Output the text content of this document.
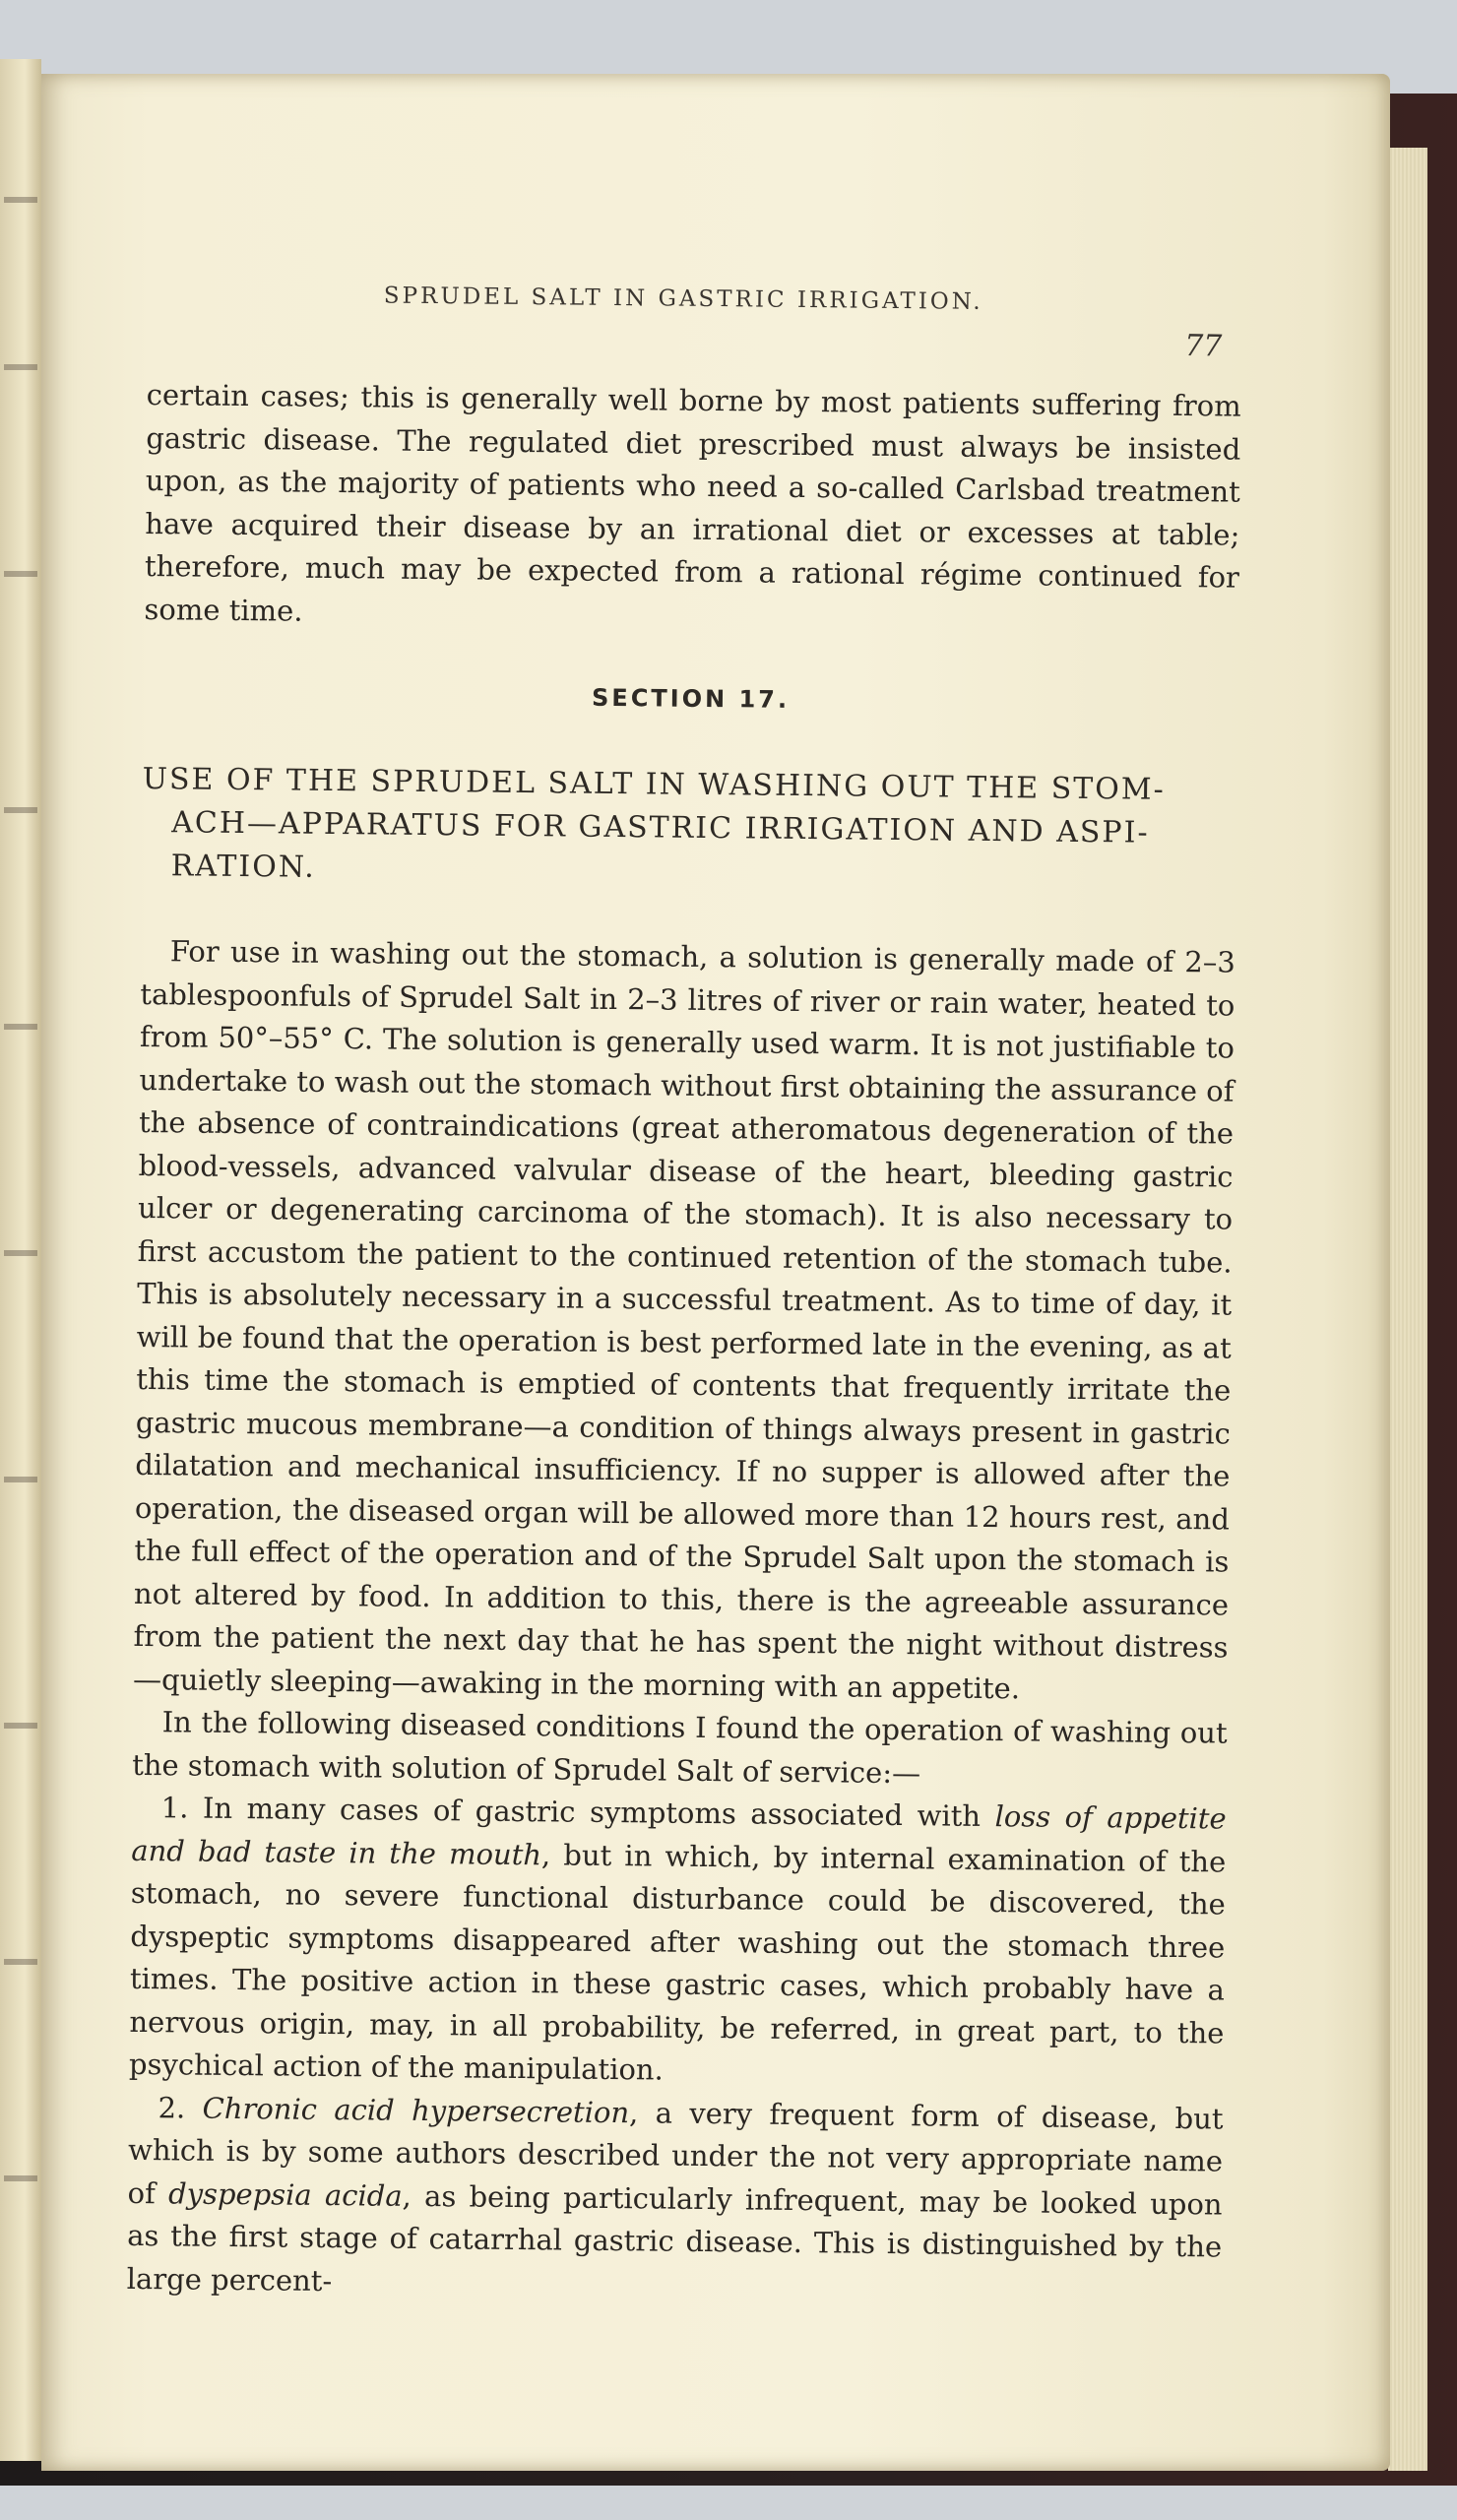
SPRUDEL SALT IN GASTRIC IRRIGATION.
77

certain cases; this is generally well borne by most patients suffering from gastric disease. The regulated diet prescribed must always be insisted upon, as the majority of patients who need a so-called Carlsbad treatment have acquired their disease by an irrational diet or excesses at table; therefore, much may be expected from a rational régime continued for some time.

SECTION 17.
USE OF THE SPRUDEL SALT IN WASHING OUT THE STOM-
ACH—APPARATUS FOR GASTRIC IRRIGATION AND ASPI-
RATION.

For use in washing out the stomach, a solution is generally made of 2–3 tablespoonfuls of Sprudel Salt in 2–3 litres of river or rain water, heated to from 50°–55° C. The solution is generally used warm. It is not justifiable to undertake to wash out the stomach without first obtaining the assurance of the absence of contraindications (great atheromatous degeneration of the blood-vessels, advanced valvular disease of the heart, bleeding gastric ulcer or degenerating carcinoma of the stomach). It is also necessary to first accustom the patient to the continued retention of the stomach tube. This is absolutely necessary in a successful treatment. As to time of day, it will be found that the operation is best performed late in the evening, as at this time the stomach is emptied of contents that frequently irritate the gastric mucous membrane—a condition of things always present in gastric dilatation and mechanical insufficiency. If no supper is allowed after the operation, the diseased organ will be allowed more than 12 hours rest, and the full effect of the operation and of the Sprudel Salt upon the stomach is not altered by food. In addition to this, there is the agreeable assurance from the patient the next day that he has spent the night without distress—quietly sleeping—awaking in the morning with an appetite.

In the following diseased conditions I found the operation of washing out the stomach with solution of Sprudel Salt of service:—

1. In many cases of gastric symptoms associated with loss of appetite and bad taste in the mouth, but in which, by internal examination of the stomach, no severe functional disturbance could be discovered, the dyspeptic symptoms disappeared after washing out the stomach three times. The positive action in these gastric cases, which probably have a nervous origin, may, in all probability, be referred, in great part, to the psychical action of the manipulation.

2. Chronic acid hypersecretion, a very frequent form of disease, but which is by some authors described under the not very appropriate name of dyspepsia acida, as being particularly infrequent, may be looked upon as the first stage of catarrhal gastric disease. This is distinguished by the large percent-
